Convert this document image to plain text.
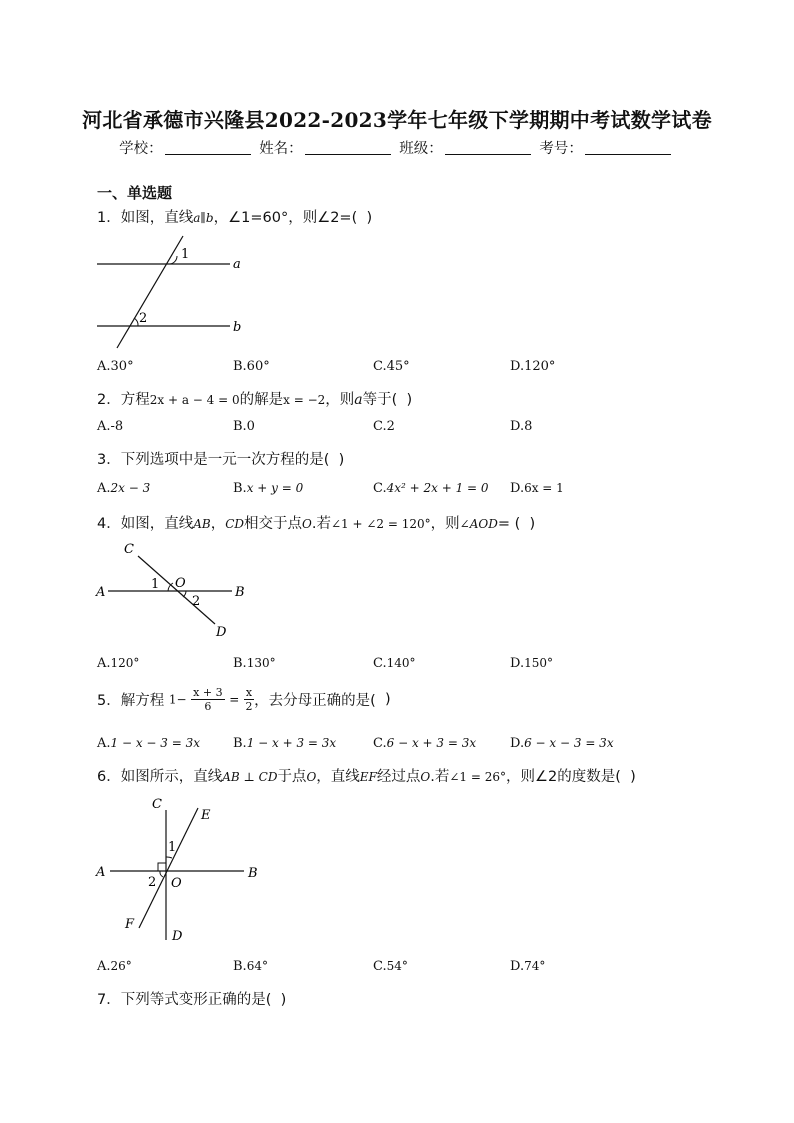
河北省承德市兴隆县2022-2023学年七年级下学期期中考试数学试卷
学校：	姓名：	班级：	考号：
一、单选题
1．如图，直线a∥b，∠1=60°，则∠2=( )
1
2
a
b
A.30°	B.60°	C.45°	D.120°
2．方程2x + a − 4 = 0的解是x = −2，则a等于( )
A.-8	B.0	C.2	D.8
3．下列选项中是一元一次方程的是( )
A.2x − 3	B.x + y = 0	C.4x² + 2x + 1 = 0 D.6x = 1
4．如图，直线AB，CD相交于点O.若∠1 + ∠2 = 120°，则∠AOD= ( )
C
A	B
D
O
1
2
A.120°	B.130°	C.140°	D.150°
5．解方程 $1- \frac{x + 3}{6} = \frac{x}{2}$ ，去分母正确的是( )
A.1 − x − 3 = 3x	B.1 − x + 3 = 3x	C.6 − x + 3 = 3x	D.6 − x − 3 = 3x
6．如图所示，直线AB ⊥ CD于点O，直线EF经过点O.若∠1 = 26°，则∠2的度数是( )
C
E
A	B
O
F
D
1
2
A.26°	B.64°	C.54°	D.74°
7．下列等式变形正确的是( )
